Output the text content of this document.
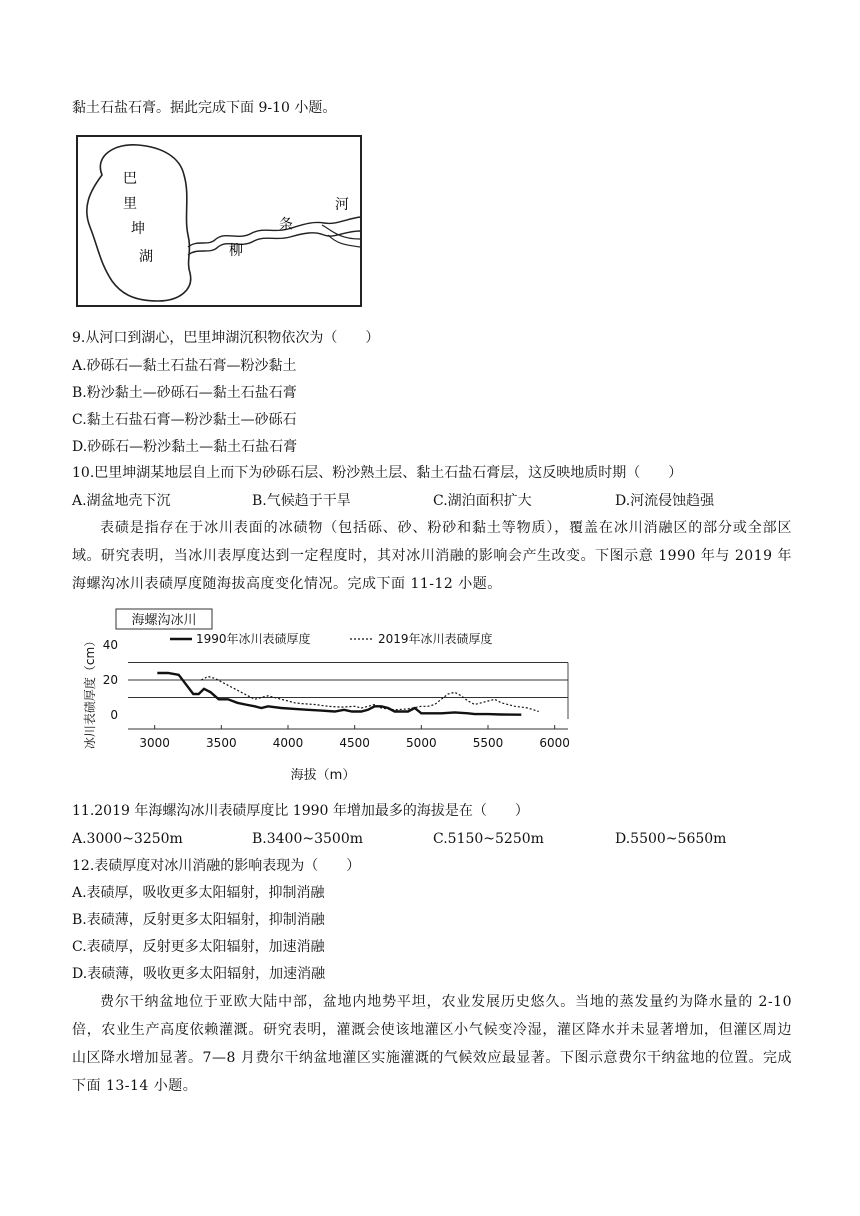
黏土石盐石膏。据此完成下面 9-10 小题。
巴
里
坤
湖	柳
条
河
9.从河口到湖心，巴里坤湖沉积物依次为（　　）
A.砂砾石—黏土石盐石膏—粉沙黏土
B.粉沙黏土—砂砾石—黏土石盐石膏
C.黏土石盐石膏—粉沙黏土—砂砾石
D.砂砾石—粉沙黏土—黏土石盐石膏
10.巴里坤湖某地层自上而下为砂砾石层、粉沙熟土层、黏土石盐石膏层，这反映地质时期（　　）
A.湖盆地壳下沉	B.气候趋于干旱	C.湖泊面积扩大	D.河流侵蚀趋强
表碛是指存在于冰川表面的冰碛物（包括砾、砂、粉砂和黏土等物质），覆盖在冰川消融区的部分或全部区域。研究表明，当冰川表厚度达到一定程度时，其对冰川消融的影响会产生改变。下图示意 1990 年与 2019 年海螺沟冰川表碛厚度随海拔高度变化情况。完成下面 11-12 小题。
海螺沟冰川
0
20
40
3000	3500	4000	4500	5000	5500	6000
海拔（m）
冰川表碛厚度（cm）	1990年冰川表碛厚度	2019年冰川表碛厚度
11.2019 年海螺沟冰川表碛厚度比 1990 年增加最多的海拔是在（　　）
A.3000~3250m	B.3400~3500m	C.5150~5250m	D.5500~5650m
12.表碛厚度对冰川消融的影响表现为（　　）
A.表碛厚，吸收更多太阳辐射，抑制消融
B.表碛薄，反射更多太阳辐射，抑制消融
C.表碛厚，反射更多太阳辐射，加速消融
D.表碛薄，吸收更多太阳辐射，加速消融
费尔干纳盆地位于亚欧大陆中部，盆地内地势平坦，农业发展历史悠久。当地的蒸发量约为降水量的 2-10 倍，农业生产高度依赖灌溉。研究表明，灌溉会使该地灌区小气候变冷湿，灌区降水并未显著增加，但灌区周边山区降水增加显著。7—8 月费尔干纳盆地灌区实施灌溉的气候效应最显著。下图示意费尔干纳盆地的位置。完成下面 13-14 小题。
